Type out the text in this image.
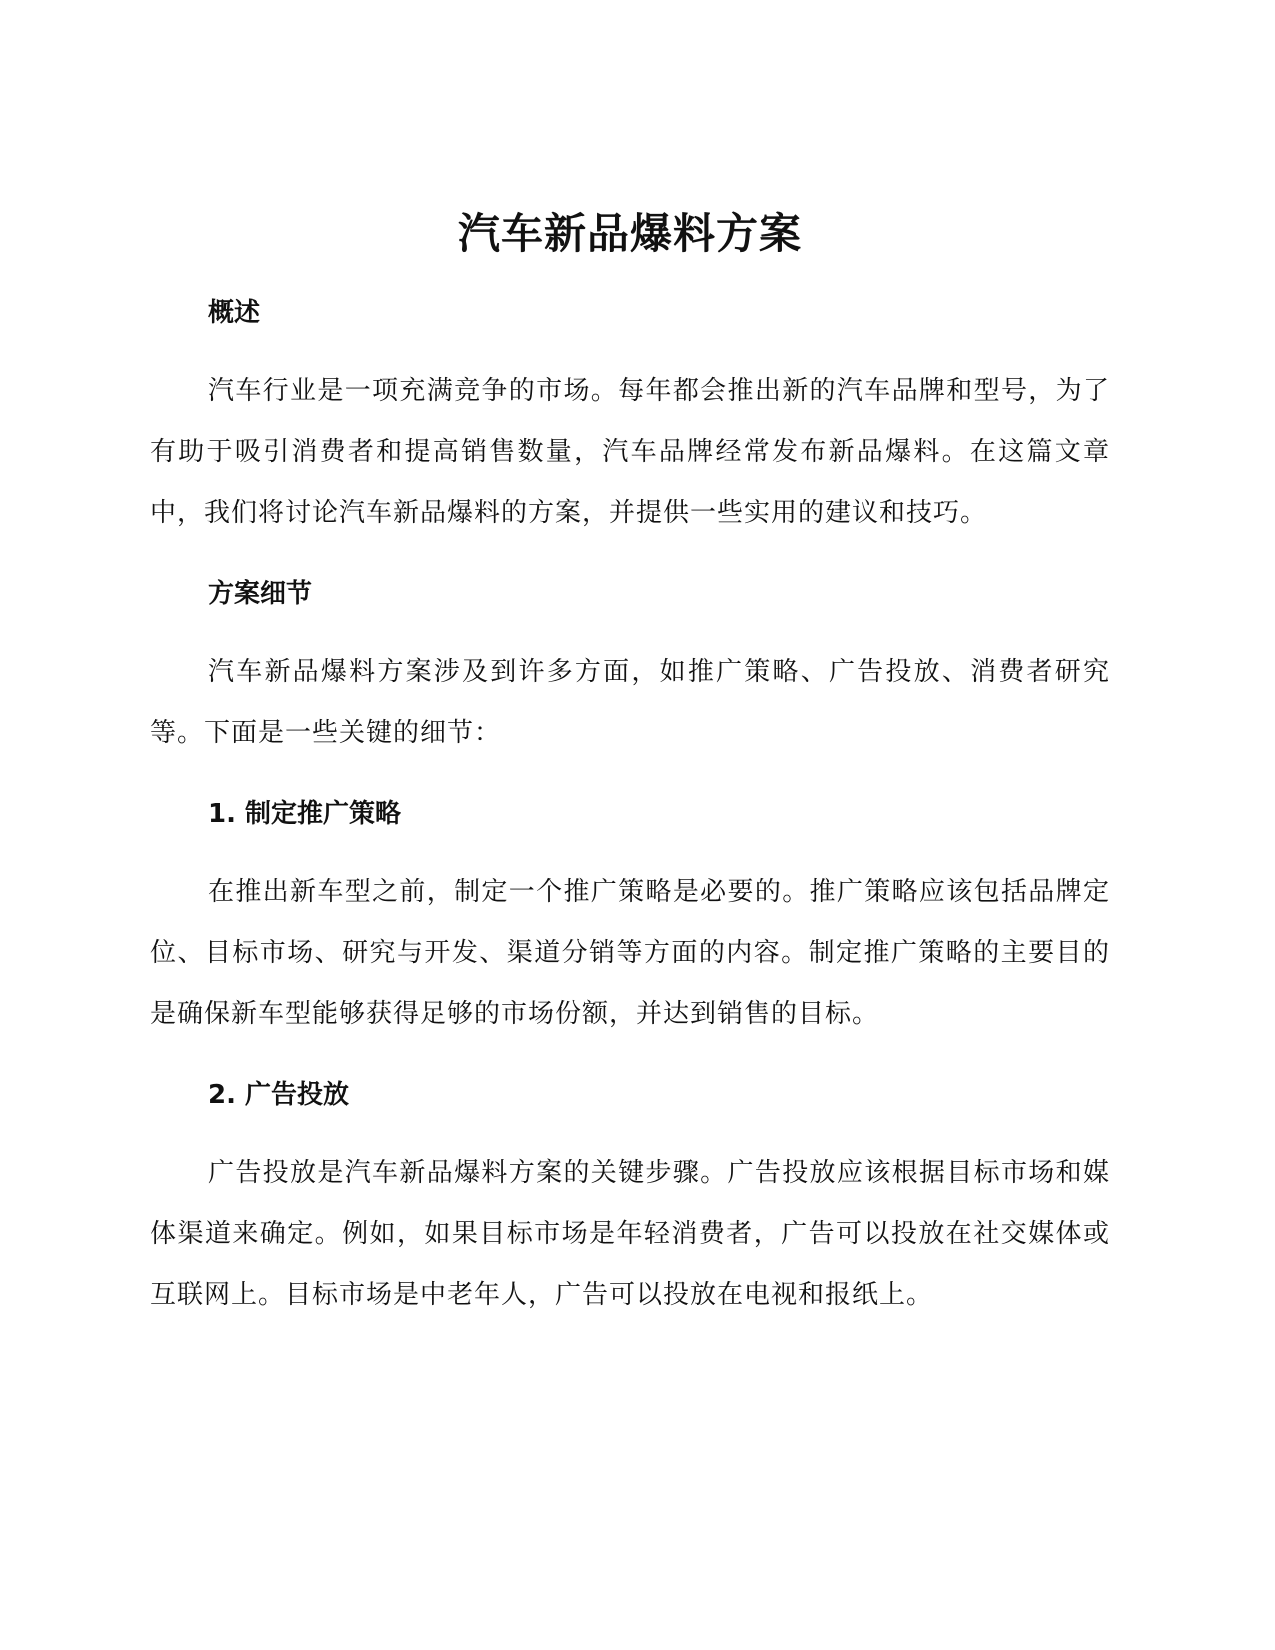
汽车新品爆料方案
概述

汽车行业是一项充满竞争的市场。每年都会推出新的汽车品牌和型号，为了有助于吸引消费者和提高销售数量，汽车品牌经常发布新品爆料。在这篇文章中，我们将讨论汽车新品爆料的方案，并提供一些实用的建议和技巧。

方案细节

汽车新品爆料方案涉及到许多方面，如推广策略、广告投放、消费者研究等。下面是一些关键的细节：

1. 制定推广策略

在推出新车型之前，制定一个推广策略是必要的。推广策略应该包括品牌定位、目标市场、研究与开发、渠道分销等方面的内容。制定推广策略的主要目的是确保新车型能够获得足够的市场份额，并达到销售的目标。

2. 广告投放

广告投放是汽车新品爆料方案的关键步骤。广告投放应该根据目标市场和媒体渠道来确定。例如，如果目标市场是年轻消费者，广告可以投放在社交媒体或互联网上。目标市场是中老年人，广告可以投放在电视和报纸上。
